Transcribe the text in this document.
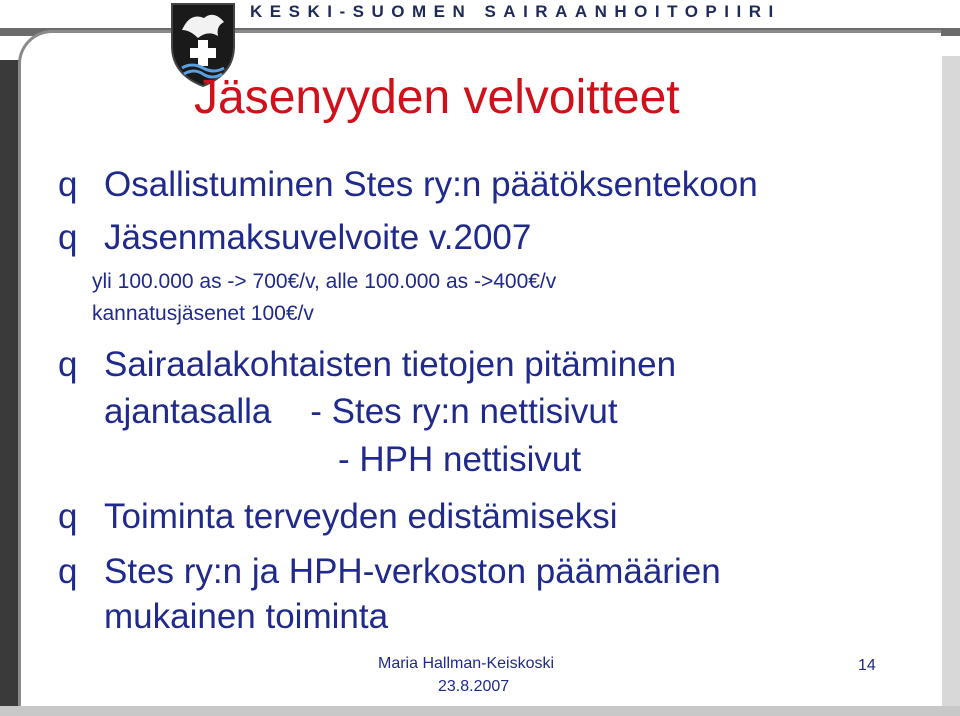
KESKI-SUOMEN SAIRAANHOITOPIIRI
Jäsenyyden velvoitteet
q Osallistuminen Stes ry:n päätöksentekoon
q Jäsenmaksuvelvoite v.2007
yli 100.000 as -> 700€/v, alle 100.000 as ->400€/v
kannatusjäsenet 100€/v
q Sairaalakohtaisten tietojen pitäminen
ajantasalla    - Stes ry:n nettisivut
- HPH nettisivut
q Toiminta terveyden edistämiseksi
q Stes ry:n ja HPH-verkoston päämäärien
mukainen toiminta
Maria Hallman-Keiskoski
23.8.2007
14
